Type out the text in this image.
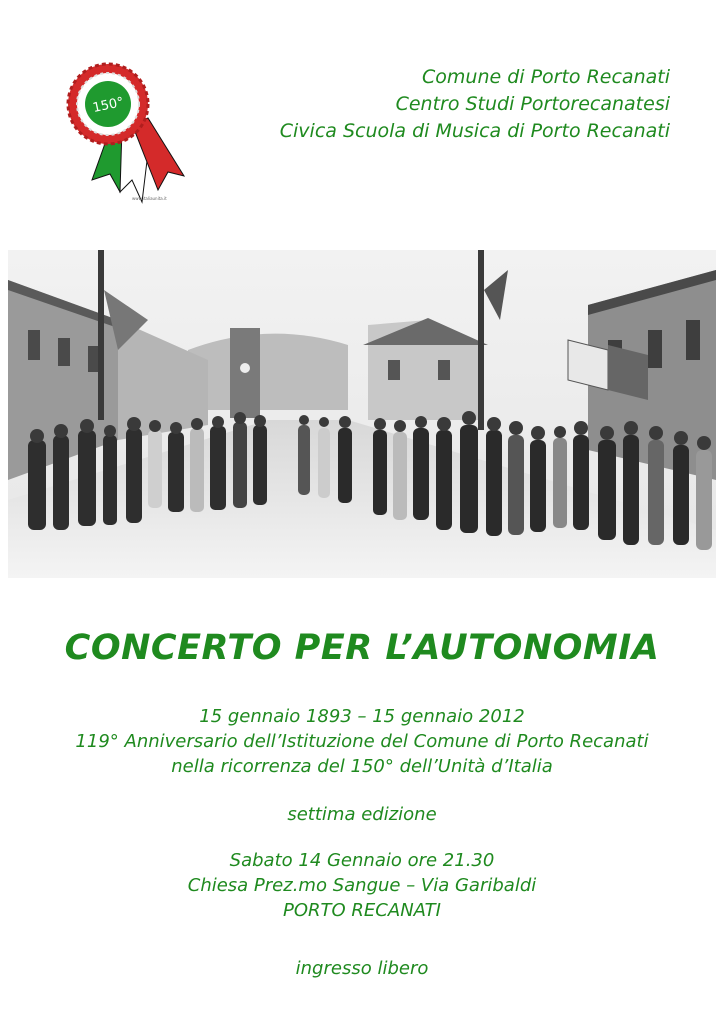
150°
www.italiaunita.it
Comune di Porto Recanati
Centro Studi Portorecanatesi
Civica Scuola di Musica di Porto Recanati
CONCERTO PER L’AUTONOMIA
15 gennaio 1893 – 15 gennaio 2012
119° Anniversario dell’Istituzione del Comune di Porto Recanati
nella ricorrenza del 150° dell’Unità d’Italia
settima edizione
Sabato 14 Gennaio ore 21.30
Chiesa Prez.mo Sangue – Via Garibaldi
PORTO RECANATI
ingresso libero
